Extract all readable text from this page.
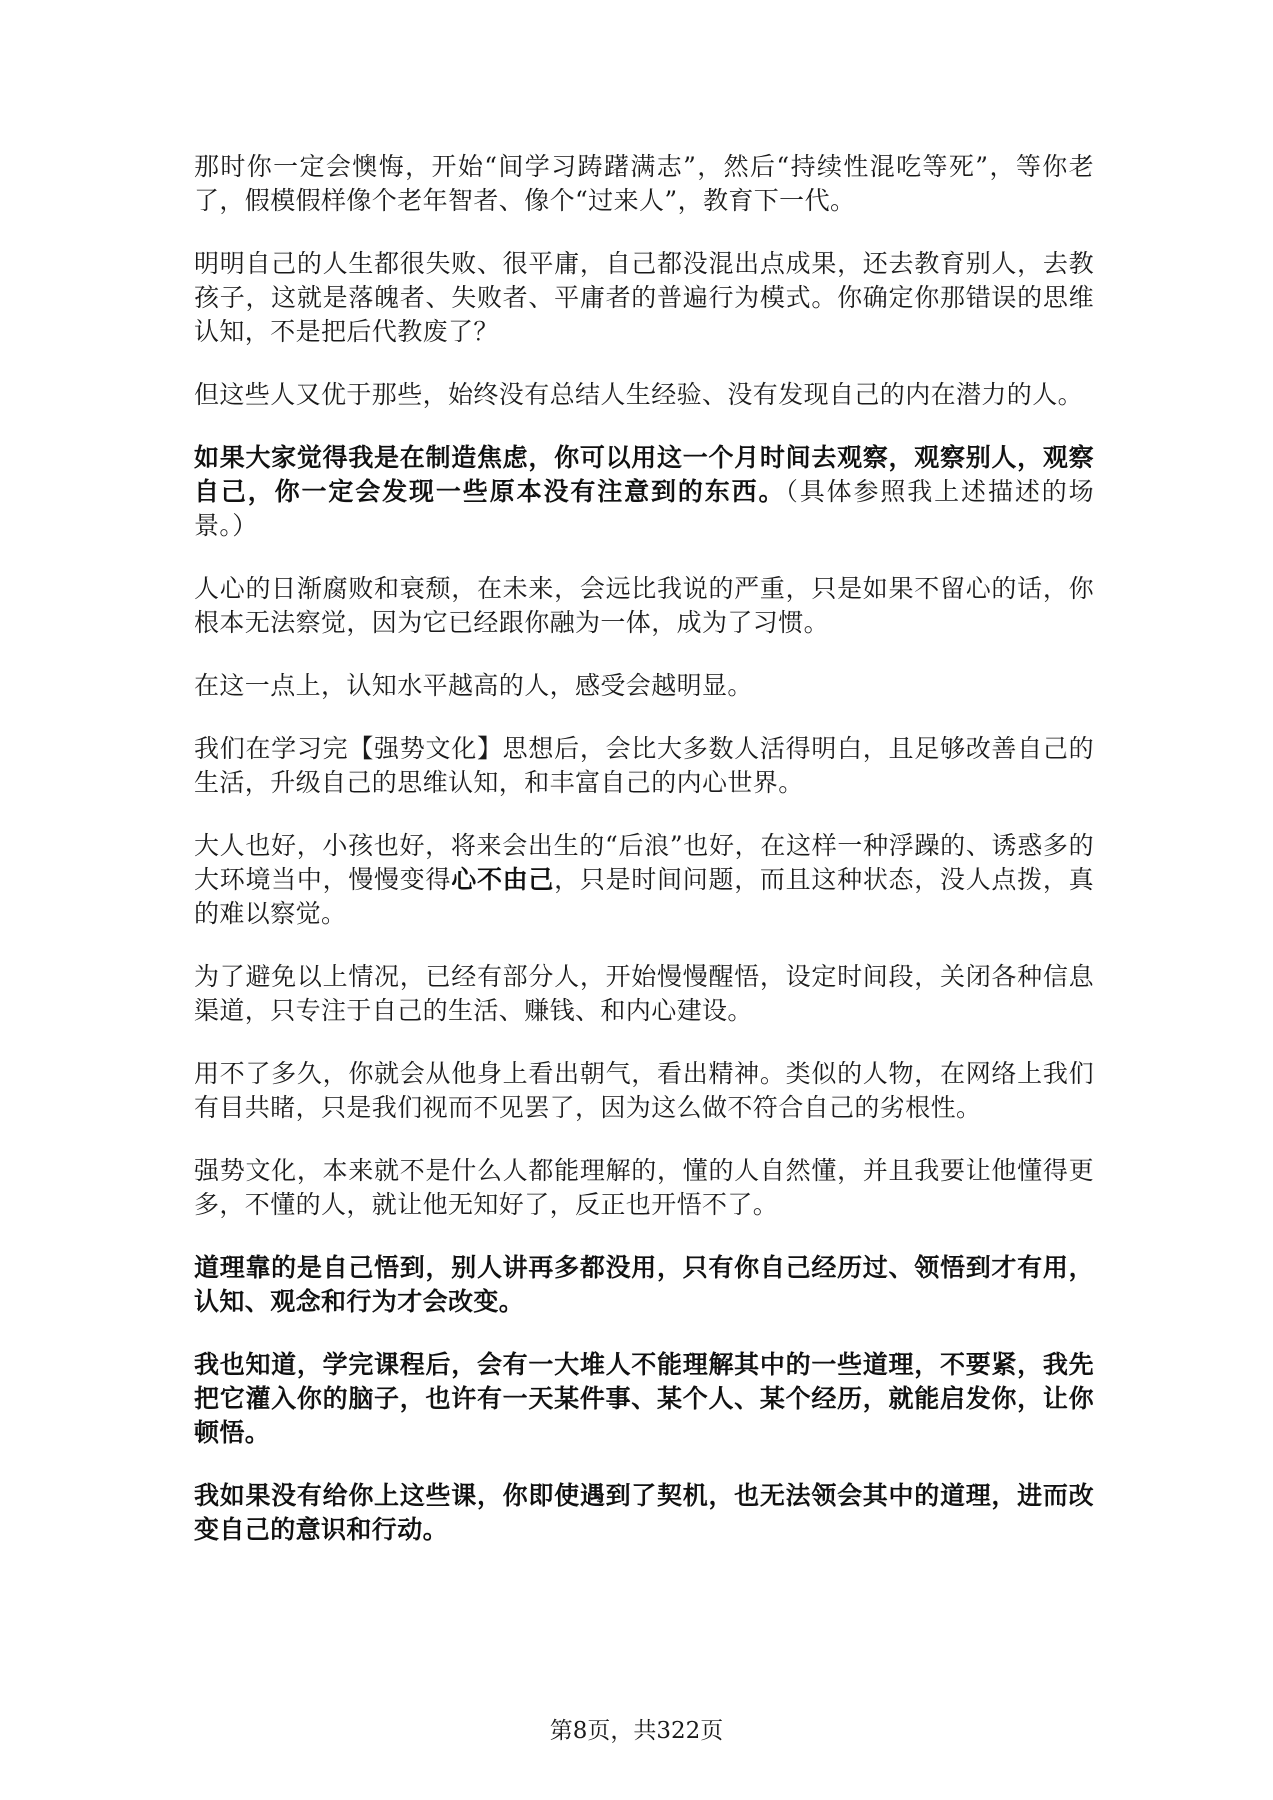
那时你一定会懊悔，开始“间学习踌躇满志”，然后“持续性混吃等死”，等你老了，假模假样像个老年智者、像个“过来人”，教育下一代。

明明自己的人生都很失败、很平庸，自己都没混出点成果，还去教育别人，去教孩子，这就是落魄者、失败者、平庸者的普遍行为模式。你确定你那错误的思维认知，不是把后代教废了？

但这些人又优于那些，始终没有总结人生经验、没有发现自己的内在潜力的人。

如果大家觉得我是在制造焦虑，你可以用这一个月时间去观察，观察别人，观察自己，你一定会发现一些原本没有注意到的东西。（具体参照我上述描述的场景。）

人心的日渐腐败和衰颓，在未来，会远比我说的严重，只是如果不留心的话，你根本无法察觉，因为它已经跟你融为一体，成为了习惯。

在这一点上，认知水平越高的人，感受会越明显。

我们在学习完【强势文化】思想后，会比大多数人活得明白，且足够改善自己的生活，升级自己的思维认知，和丰富自己的内心世界。

大人也好，小孩也好，将来会出生的“后浪”也好，在这样一种浮躁的、诱惑多的大环境当中，慢慢变得心不由己，只是时间问题，而且这种状态，没人点拨，真的难以察觉。

为了避免以上情况，已经有部分人，开始慢慢醒悟，设定时间段，关闭各种信息渠道，只专注于自己的生活、赚钱、和内心建设。

用不了多久，你就会从他身上看出朝气，看出精神。类似的人物，在网络上我们有目共睹，只是我们视而不见罢了，因为这么做不符合自己的劣根性。

强势文化，本来就不是什么人都能理解的，懂的人自然懂，并且我要让他懂得更多，不懂的人，就让他无知好了，反正也开悟不了。

道理靠的是自己悟到，别人讲再多都没用，只有你自己经历过、领悟到才有用，认知、观念和行为才会改变。

我也知道，学完课程后，会有一大堆人不能理解其中的一些道理，不要紧，我先把它灌入你的脑子，也许有一天某件事、某个人、某个经历，就能启发你，让你顿悟。

我如果没有给你上这些课，你即使遇到了契机，也无法领会其中的道理，进而改变自己的意识和行动。

第8页，共322页
